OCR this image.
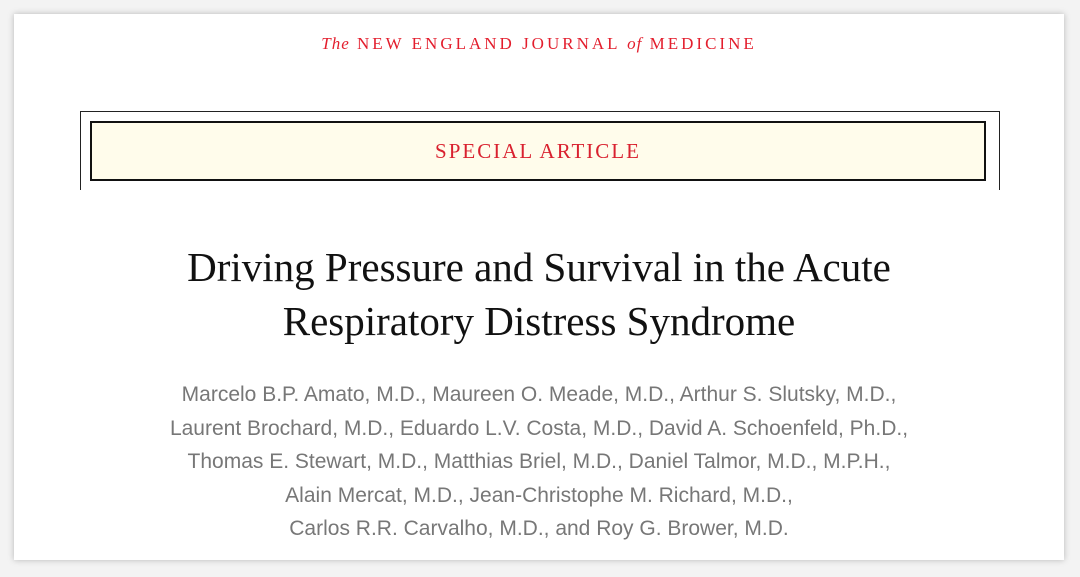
The NEW ENGLAND JOURNAL of MEDICINE
SPECIAL ARTICLE
Driving Pressure and Survival in the Acute
Respiratory Distress Syndrome
Marcelo B.P. Amato, M.D., Maureen O. Meade, M.D., Arthur S. Slutsky, M.D.,
Laurent Brochard, M.D., Eduardo L.V. Costa, M.D., David A. Schoenfeld, Ph.D.,
Thomas E. Stewart, M.D., Matthias Briel, M.D., Daniel Talmor, M.D., M.P.H.,
Alain Mercat, M.D., Jean-Christophe M. Richard, M.D.,
Carlos R.R. Carvalho, M.D., and Roy G. Brower, M.D.
